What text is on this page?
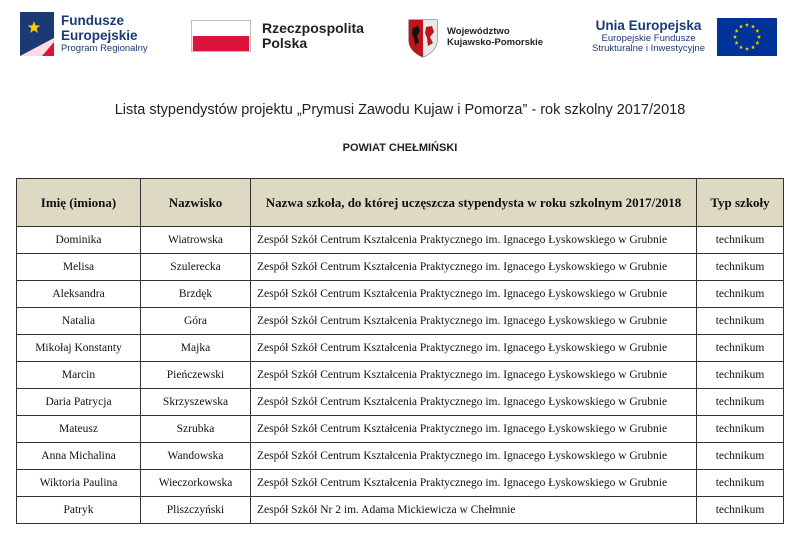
Fundusze
Europejskie
Program Regionalny
Rzeczpospolita
Polska
Województwo
Kujawsko-Pomorskie
Unia Europejska
Europejskie Fundusze
Strukturalne i Inwestycyjne
Lista stypendystów projektu „Prymusi Zawodu Kujaw i Pomorza” - rok szkolny 2017/2018
POWIAT CHEŁMIŃSKI
Imię (imiona)	Nazwisko	Nazwa szkoła, do której uczęszcza stypendysta w roku szkolnym 2017/2018	Typ szkoły
Dominika	Wiatrowska	Zespół Szkół Centrum Kształcenia Praktycznego im. Ignacego Łyskowskiego w Grubnie	technikum
Melisa	Szulerecka	Zespół Szkół Centrum Kształcenia Praktycznego im. Ignacego Łyskowskiego w Grubnie	technikum
Aleksandra	Brzdęk	Zespół Szkół Centrum Kształcenia Praktycznego im. Ignacego Łyskowskiego w Grubnie	technikum
Natalia	Góra	Zespół Szkół Centrum Kształcenia Praktycznego im. Ignacego Łyskowskiego w Grubnie	technikum
Mikołaj Konstanty	Majka	Zespół Szkół Centrum Kształcenia Praktycznego im. Ignacego Łyskowskiego w Grubnie	technikum
Marcin	Pieńczewski	Zespół Szkół Centrum Kształcenia Praktycznego im. Ignacego Łyskowskiego w Grubnie	technikum
Daria Patrycja	Skrzyszewska	Zespół Szkół Centrum Kształcenia Praktycznego im. Ignacego Łyskowskiego w Grubnie	technikum
Mateusz	Szrubka	Zespół Szkół Centrum Kształcenia Praktycznego im. Ignacego Łyskowskiego w Grubnie	technikum
Anna Michalina	Wandowska	Zespół Szkół Centrum Kształcenia Praktycznego im. Ignacego Łyskowskiego w Grubnie	technikum
Wiktoria Paulina	Wieczorkowska	Zespół Szkół Centrum Kształcenia Praktycznego im. Ignacego Łyskowskiego w Grubnie	technikum
Patryk	Pliszczyński	Zespół Szkół Nr 2 im. Adama Mickiewicza w Chełmnie	technikum
